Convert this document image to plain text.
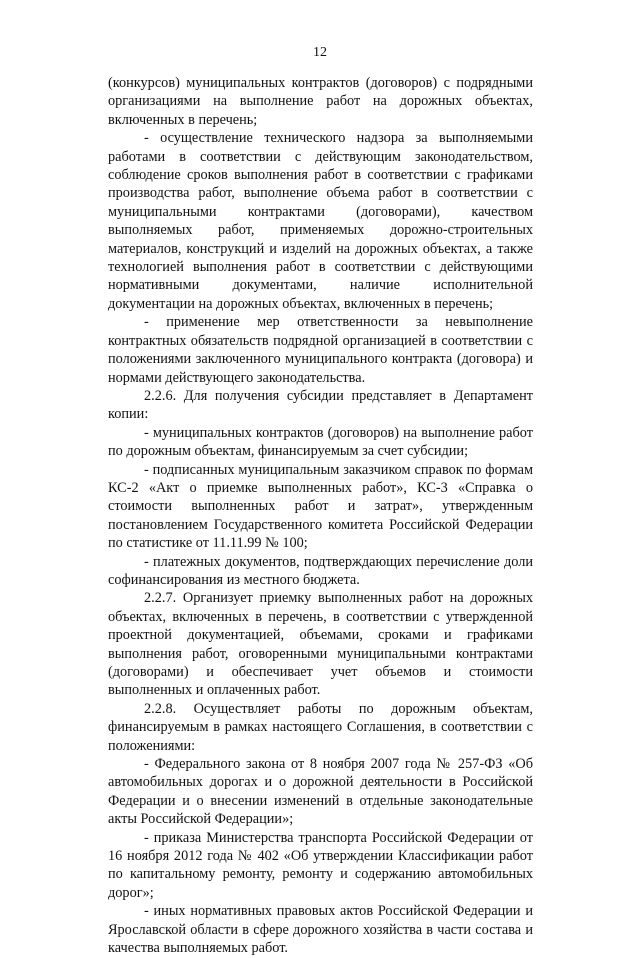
12

(конкурсов) муниципальных контрактов (договоров) с подрядными организациями на выполнение работ на дорожных объектах, включенных в перечень;

- осуществление технического надзора за выполняемыми работами в соответствии с действующим законодательством, соблюдение сроков выполнения работ в соответствии с графиками производства работ, выполнение объема работ в соответствии с муниципальными контрактами (договорами), качеством выполняемых работ, применяемых дорожно-строительных материалов, конструкций и изделий на дорожных объектах, а также технологией выполнения работ в соответствии с действующими нормативными документами, наличие исполнительной документации на дорожных объектах, включенных в перечень;

- применение мер ответственности за невыполнение контрактных обязательств подрядной организацией в соответствии с положениями заключенного муниципального контракта (договора) и нормами действующего законодательства.

2.2.6. Для получения субсидии представляет в Департамент копии:

- муниципальных контрактов (договоров) на выполнение работ по дорожным объектам, финансируемым за счет субсидии;

- подписанных муниципальным заказчиком справок по формам КС-2 «Акт о приемке выполненных работ», КС-3 «Справка о стоимости выполненных работ и затрат», утвержденным постановлением Государственного комитета Российской Федерации по статистике от 11.11.99 № 100;

- платежных документов, подтверждающих перечисление доли софинансирования из местного бюджета.

2.2.7. Организует приемку выполненных работ на дорожных объектах, включенных в перечень, в соответствии с утвержденной проектной документацией, объемами, сроками и графиками выполнения работ, оговоренными муниципальными контрактами (договорами) и обеспечивает учет объемов и стоимости выполненных и оплаченных работ.

2.2.8. Осуществляет работы по дорожным объектам, финансируемым в рамках настоящего Соглашения, в соответствии с положениями:

- Федерального закона от 8 ноября 2007 года № 257-ФЗ «Об автомобильных дорогах и о дорожной деятельности в Российской Федерации и о внесении изменений в отдельные законодательные акты Российской Федерации»;

- приказа Министерства транспорта Российской Федерации от 16 ноября 2012 года № 402 «Об утверждении Классификации работ по капитальному ремонту, ремонту и содержанию автомобильных дорог»;

- иных нормативных правовых актов Российской Федерации и Ярославской области в сфере дорожного хозяйства в части состава и качества выполняемых работ.
